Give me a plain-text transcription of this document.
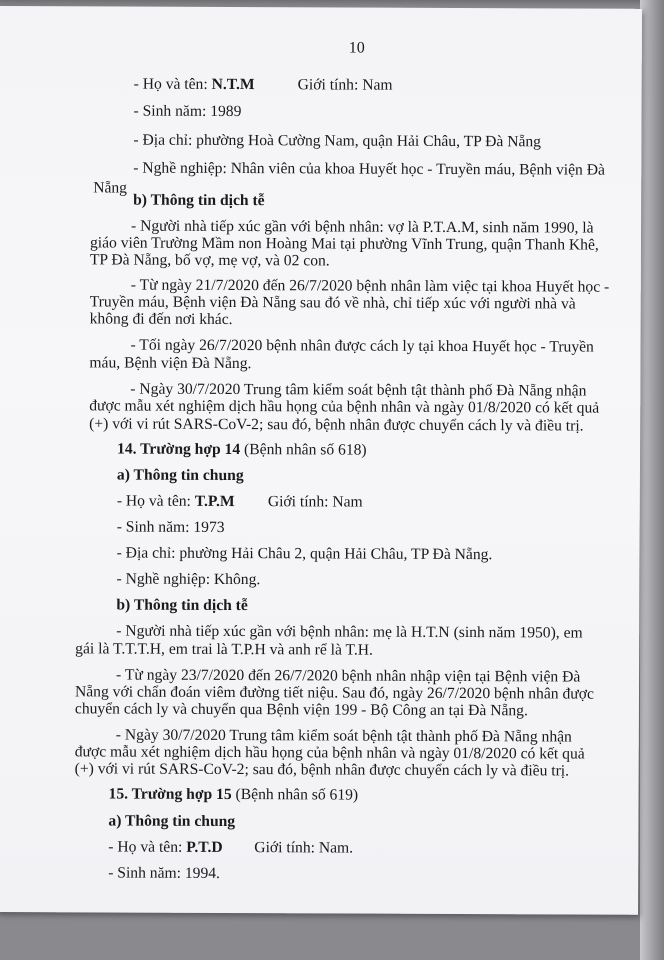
10
- Họ và tên: N.T.M	Giới tính: Nam
- Sinh năm: 1989
- Địa chỉ: phường Hoà Cường Nam, quận Hải Châu, TP Đà Nẵng
- Nghề nghiệp: Nhân viên của khoa Huyết học - Truyền máu, Bệnh viện Đà
Nẵng
b) Thông tin dịch tễ
- Người nhà tiếp xúc gần với bệnh nhân: vợ là P.T.A.M, sinh năm 1990, là
giáo viên Trường Mầm non Hoàng Mai tại phường Vĩnh Trung, quận Thanh Khê,
TP Đà Nẵng, bố vợ, mẹ vợ, và 02 con.
- Từ ngày 21/7/2020 đến 26/7/2020 bệnh nhân làm việc tại khoa Huyết học -
Truyền máu, Bệnh viện Đà Nẵng sau đó về nhà, chỉ tiếp xúc với người nhà và
không đi đến nơi khác.
- Tối ngày 26/7/2020 bệnh nhân được cách ly tại khoa Huyết học - Truyền
máu, Bệnh viện Đà Nẵng.
- Ngày 30/7/2020 Trung tâm kiểm soát bệnh tật thành phố Đà Nẵng nhận
được mẫu xét nghiệm dịch hầu họng của bệnh nhân và ngày 01/8/2020 có kết quả
(+) với vi rút SARS-CoV-2; sau đó, bệnh nhân được chuyển cách ly và điều trị.
14. Trường hợp 14 (Bệnh nhân số 618)
a) Thông tin chung
- Họ và tên: T.P.M Giới tính: Nam
- Sinh năm: 1973
- Địa chỉ: phường Hải Châu 2, quận Hải Châu, TP Đà Nẵng.
- Nghề nghiệp: Không.
b) Thông tin dịch tễ
- Người nhà tiếp xúc gần với bệnh nhân: mẹ là H.T.N (sinh năm 1950), em
gái là T.T.T.H, em trai là T.P.H và anh rể là T.H.
- Từ ngày 23/7/2020 đến 26/7/2020 bệnh nhân nhập viện tại Bệnh viện Đà
Nẵng với chẩn đoán viêm đường tiết niệu. Sau đó, ngày 26/7/2020 bệnh nhân được
chuyển cách ly và chuyển qua Bệnh viện 199 - Bộ Công an tại Đà Nẵng.
- Ngày 30/7/2020 Trung tâm kiểm soát bệnh tật thành phố Đà Nẵng nhận
được mẫu xét nghiệm dịch hầu họng của bệnh nhân và ngày 01/8/2020 có kết quả
(+) với vi rút SARS-CoV-2; sau đó, bệnh nhân được chuyển cách ly và điều trị.
15. Trường hợp 15 (Bệnh nhân số 619)
a) Thông tin chung
- Họ và tên: P.T.D Giới tính: Nam.
- Sinh năm: 1994.
